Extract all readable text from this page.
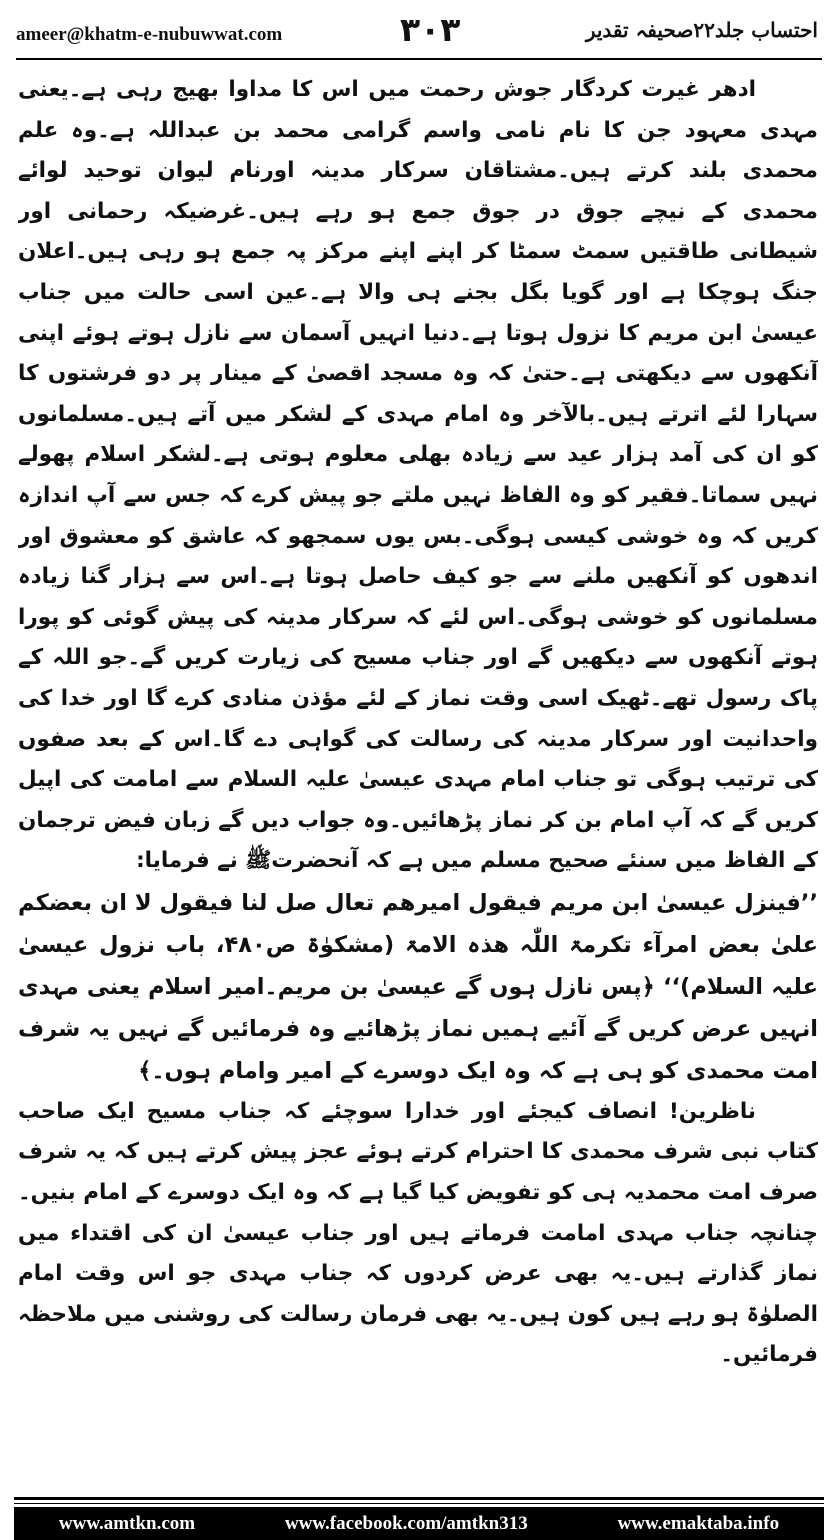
ameer@khatm-e-nubuwwat.com	۳۰۳	احتساب جلد۲۲صحیفہ تقدیر

ادھر غیرت کردگار جوش رحمت میں اس کا مداوا بھیج رہی ہے۔یعنی مہدی معہود جن کا نام نامی واسم گرامی محمد بن عبداللہ ہے۔وہ علم محمدی بلند کرتے ہیں۔مشتاقان سرکار مدینہ اورنام لیوان توحید لوائے محمدی کے نیچے جوق در جوق جمع ہو رہے ہیں۔غرضیکہ رحمانی اور شیطانی طاقتیں سمٹ سمٹا کر اپنے اپنے مرکز پہ جمع ہو رہی ہیں۔اعلان جنگ ہوچکا ہے اور گویا بگل بجنے ہی والا ہے۔عین اسی حالت میں جناب عیسیٰ ابن مریم کا نزول ہوتا ہے۔دنیا انہیں آسمان سے نازل ہوتے ہوئے اپنی آنکھوں سے دیکھتی ہے۔حتیٰ کہ وہ مسجد اقصیٰ کے مینار پر دو فرشتوں کا سہارا لئے اترتے ہیں۔بالآخر وہ امام مہدی کے لشکر میں آتے ہیں۔مسلمانوں کو ان کی آمد ہزار عید سے زیادہ بھلی معلوم ہوتی ہے۔لشکر اسلام پھولے نہیں سماتا۔فقیر کو وہ الفاظ نہیں ملتے جو پیش کرے کہ جس سے آپ اندازہ کریں کہ وہ خوشی کیسی ہوگی۔بس یوں سمجھو کہ عاشق کو معشوق اور اندھوں کو آنکھیں ملنے سے جو کیف حاصل ہوتا ہے۔اس سے ہزار گنا زیادہ مسلمانوں کو خوشی ہوگی۔اس لئے کہ سرکار مدینہ کی پیش گوئی کو پورا ہوتے آنکھوں سے دیکھیں گے اور جناب مسیح کی زیارت کریں گے۔جو اللہ کے پاک رسول تھے۔ٹھیک اسی وقت نماز کے لئے مؤذن منادی کرے گا اور خدا کی واحدانیت اور سرکار مدینہ کی رسالت کی گواہی دے گا۔اس کے بعد صفوں کی ترتیب ہوگی تو جناب امام مہدی عیسیٰ علیہ السلام سے امامت کی اپیل کریں گے کہ آپ امام بن کر نماز پڑھائیں۔وہ جواب دیں گے زبان فیض ترجمان کے الفاظ میں سنئے صحیح مسلم میں ہے کہ آنحضرتﷺ نے فرمایا:

’’فینزل عیسیٰ ابن مریم فیقول امیرھم تعال صل لنا فیقول لا ان بعضکم علیٰ بعض امرآء تکرمۃ اللّٰہ ھذہ الامۃ (مشکوٰۃ ص۴۸۰، باب نزول عیسیٰ علیہ السلام)‘‘ ﴿پس نازل ہوں گے عیسیٰ بن مریم۔امیر اسلام یعنی مہدی انہیں عرض کریں گے آئیے ہمیں نماز پڑھائیے وہ فرمائیں گے نہیں یہ شرف امت محمدی کو ہی ہے کہ وہ ایک دوسرے کے امیر وامام ہوں۔﴾

ناظرین! انصاف کیجئے اور خدارا سوچئے کہ جناب مسیح ایک صاحب کتاب نبی شرف محمدی کا احترام کرتے ہوئے عجز پیش کرتے ہیں کہ یہ شرف صرف امت محمدیہ ہی کو تفویض کیا گیا ہے کہ وہ ایک دوسرے کے امام بنیں۔چنانچہ جناب مہدی امامت فرماتے ہیں اور جناب عیسیٰ ان کی اقتداء میں نماز گذارتے ہیں۔یہ بھی عرض کردوں کہ جناب مہدی جو اس وقت امام الصلوٰۃ ہو رہے ہیں کون ہیں۔یہ بھی فرمان رسالت کی روشنی میں ملاحظہ فرمائیں۔

www.amtkn.com	www.facebook.com/amtkn313	www.emaktaba.info
